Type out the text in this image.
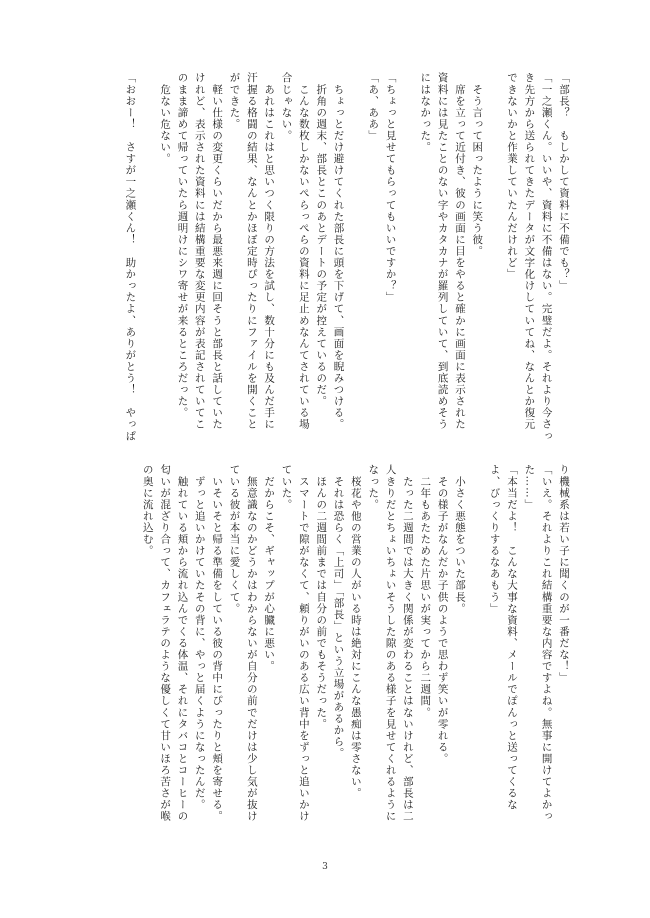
「部長？　もしかして資料に不備でも？」
「一之瀬くん。いいや、資料に不備はない。完璧だよ。それより今さっ
き先方から送られてきたデータが文字化けしていてね、なんとか復元
できないかと作業していたんだけれど」
　そう言って困ったように笑う彼。
　席を立って近付き、彼の画面に目をやると確かに画面に表示された
資料には見たことのない字やカタカナが羅列していて、到底読めそう
にはなかった。
「ちょっと見せてもらってもいいですか？」
「あ、ああ」
　ちょっとだけ避けてくれた部長に頭を下げて、画面を睨みつける。
　折角の週末、部長とこのあとデートの予定が控えているのだ。
　こんな数枚しかないぺらっぺらの資料に足止めなんてされている場
合じゃない。
　あれはこれはと思いつく限りの方法を試し、数十分にも及んだ手に
汗握る格闘の結果、なんとかほぼ定時ぴったりにファイルを開くこと
ができた。
　軽い仕様の変更くらいだから最悪来週に回そうと部長と話していた
けれど、表示された資料には結構重要な変更内容が表記されていてこ
のまま諦めて帰っていたら週明けにシワ寄せが来るところだった。
　危ない危ない。
「おおー！　さすが一之瀬くん！　助かったよ、ありがとう！　やっぱ
り機械系は若い子に聞くのが一番だな！」
「いえ。それよりこれ結構重要な内容ですよね。無事に開けてよかっ
た……」
「本当だよ！　こんな大事な資料、メールでぽんっと送ってくるな
よ、びっくりするなあもう」
　小さく悪態をついた部長。
　その様子がなんだか子供のようで思わず笑いが零れる。
　二年もあたためた片思いが実ってから二週間。
　たった二週間では大きく関係が変わることはないけれど、部長は二
人きりだとちょいちょいそうした隙のある様子を見せてくれるように
なった。
　桜花や他の営業の人がいる時は絶対にこんな愚痴は零さない。
　それは恐らく「上司」「部長」という立場があるから。
　ほんの二週間前までは自分の前でもそうだった。
　スマートで隙がなくて、頼りがいのある広い背中をずっと追いかけ
ていた。
　だからこそ、ギャップが心臓に悪い。
　無意識なのかどうかはわからないが自分の前でだけは少し気が抜け
ている彼が本当に愛しくて。
　いそいそと帰る準備をしている彼の背中にぴったりと頬を寄せる。
　ずっと追いかけていたその背に、やっと届くようになったんだ。
　触れている頬から流れ込んでくる体温、それにタバコとコーヒーの
匂いが混ざり合って、カフェラテのような優しくて甘いほろ苦さが喉
の奥に流れ込む。
3
